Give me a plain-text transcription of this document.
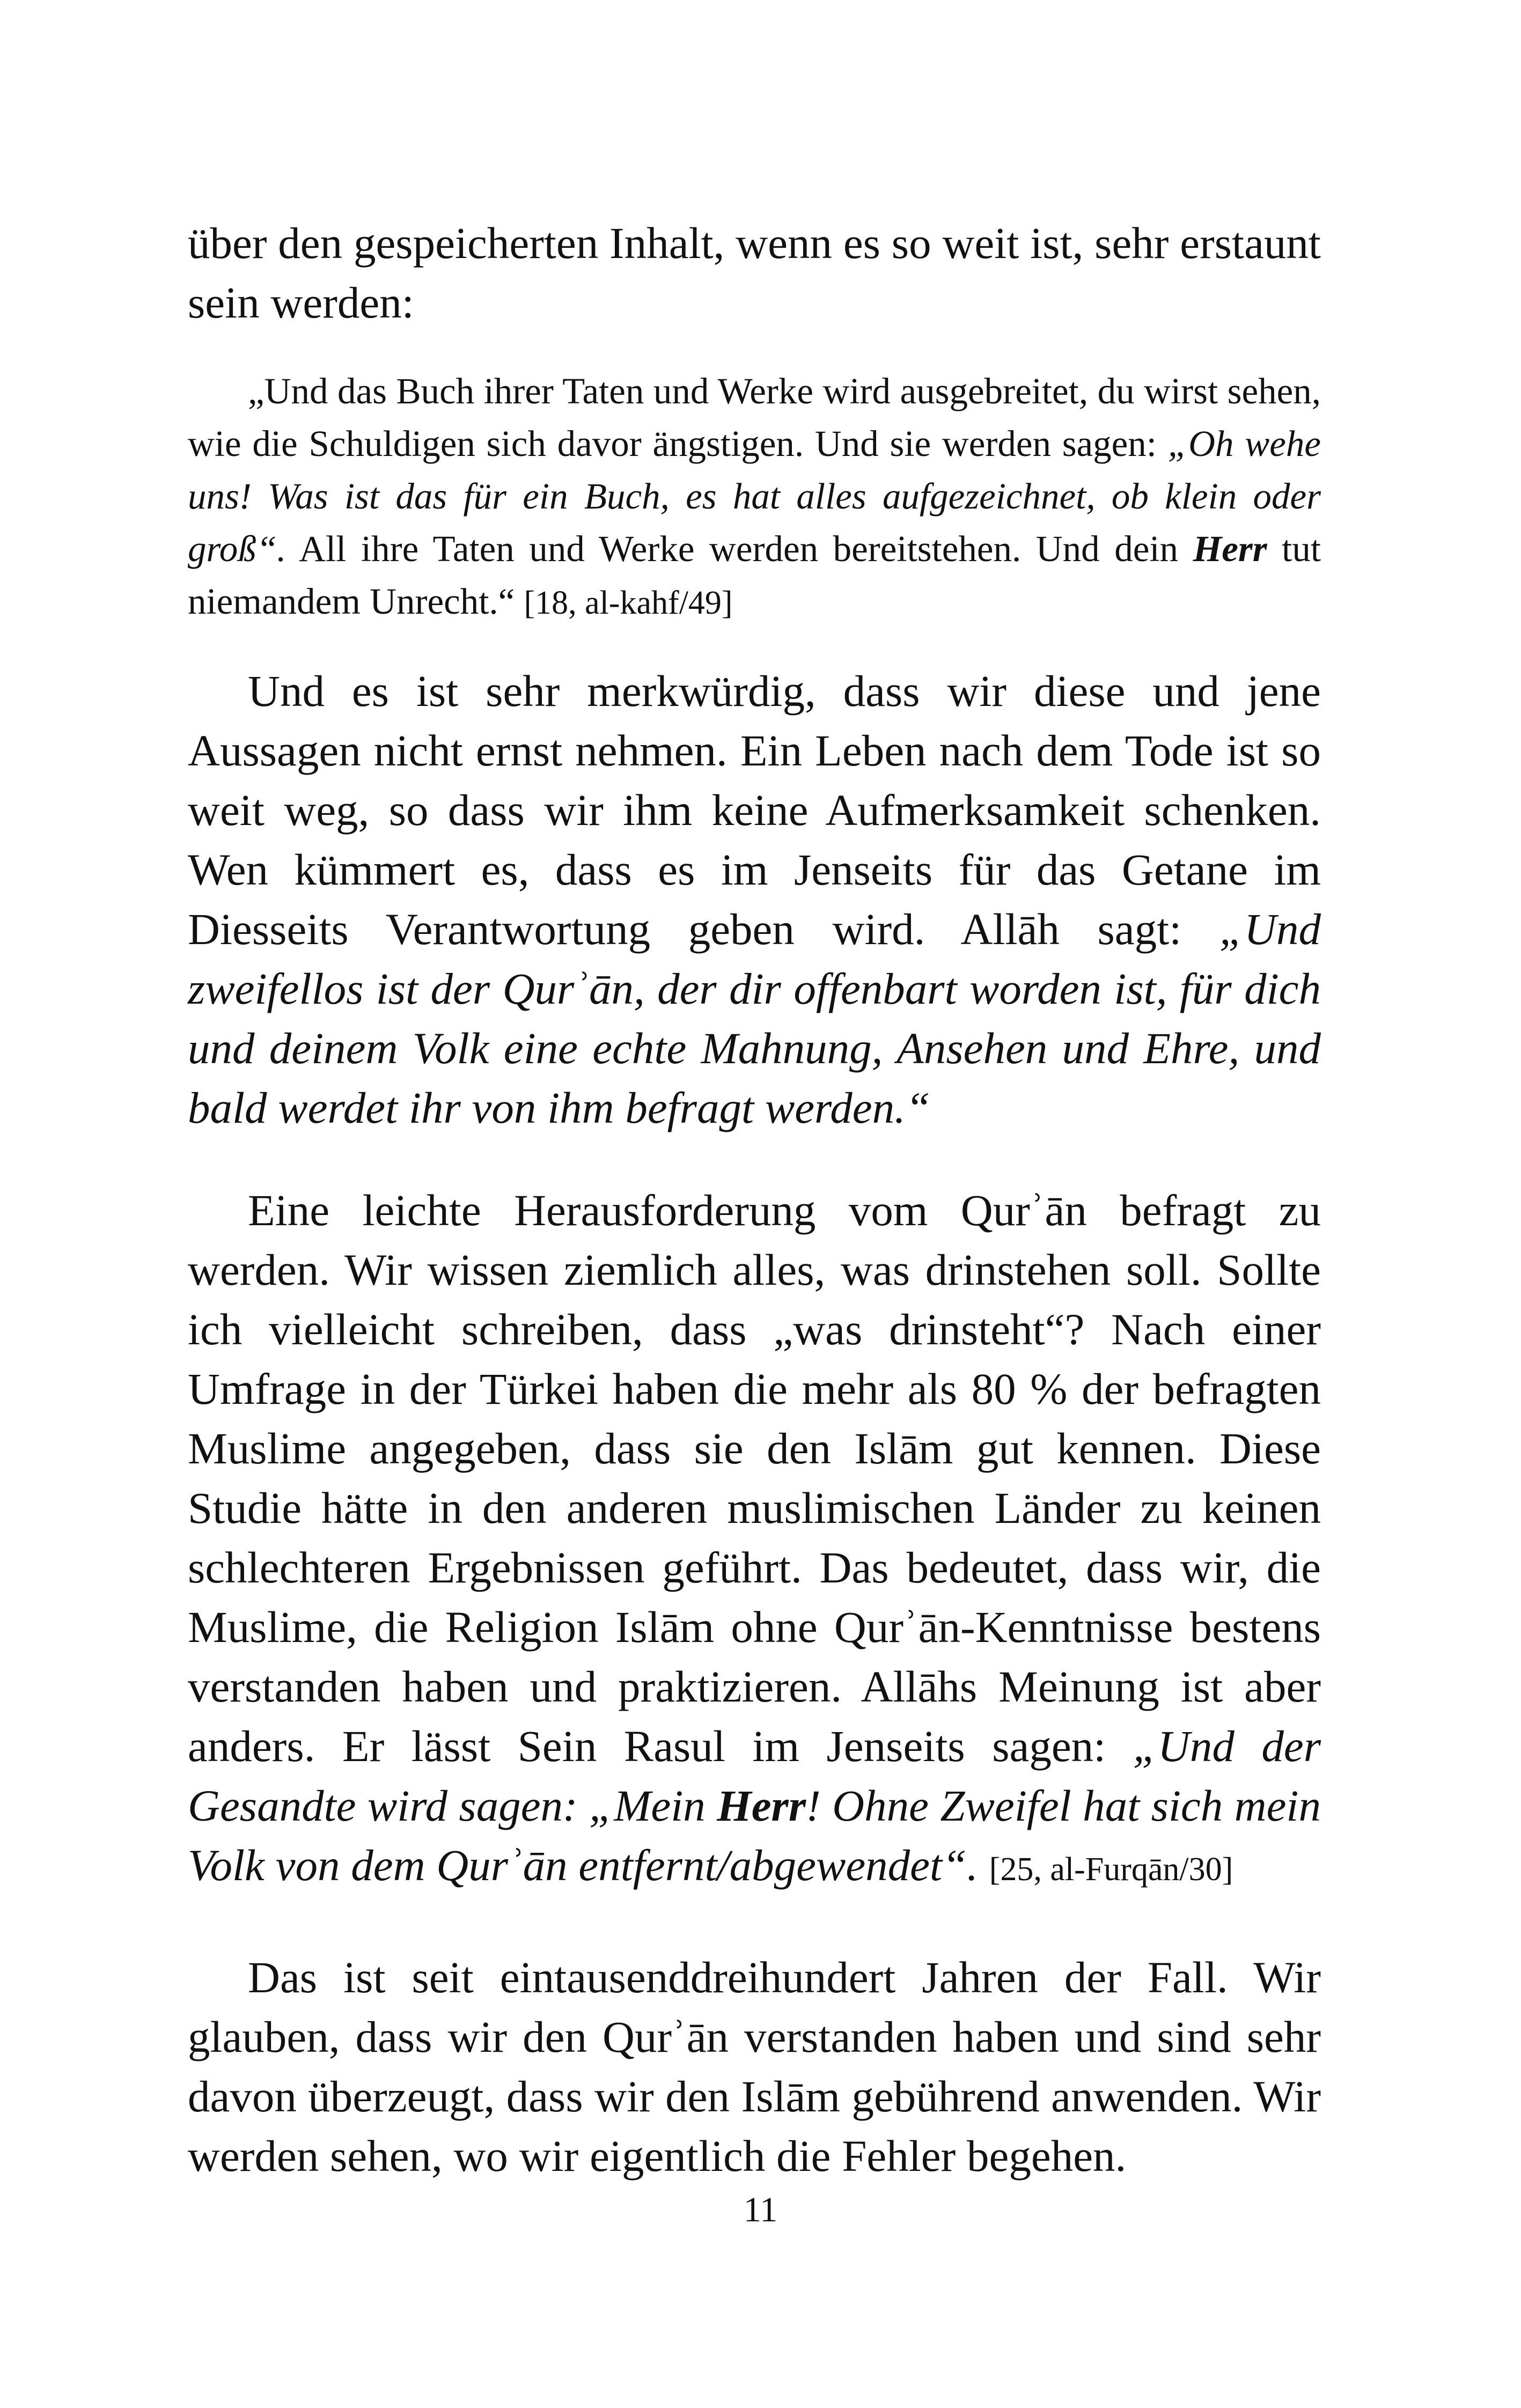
über den gespeicherten Inhalt, wenn es so weit ist, sehr erstaunt sein werden:

„Und das Buch ihrer Taten und Werke wird ausgebreitet, du wirst sehen, wie die Schuldigen sich davor ängstigen. Und sie werden sagen: „Oh wehe uns! Was ist das für ein Buch, es hat alles aufgezeichnet, ob klein oder groß“. All ihre Taten und Werke werden bereitstehen. Und dein Herr tut niemandem Unrecht.“ [18, al-kahf/49]

Und es ist sehr merkwürdig, dass wir diese und jene Aussagen nicht ernst nehmen. Ein Leben nach dem Tode ist so weit weg, so dass wir ihm keine Aufmerksamkeit schenken. Wen kümmert es, dass es im Jenseits für das Getane im Diesseits Verantwortung geben wird. Allāh sagt: „Und zweifellos ist der Qurʾān, der dir offenbart worden ist, für dich und deinem Volk eine echte Mahnung, Ansehen und Ehre, und bald werdet ihr von ihm befragt werden.“

Eine leichte Herausforderung vom Qurʾān befragt zu werden. Wir wissen ziemlich alles, was drinstehen soll. Sollte ich vielleicht schreiben, dass „was drinsteht“? Nach einer Umfrage in der Türkei haben die mehr als 80 % der befragten Muslime angegeben, dass sie den Islām gut kennen. Diese Studie hätte in den anderen muslimischen Länder zu keinen schlechteren Ergebnissen geführt. Das bedeutet, dass wir, die Muslime, die Religion Islām ohne Qurʾān-Kenntnisse bestens verstanden haben und praktizieren. Allāhs Meinung ist aber anders. Er lässt Sein Rasul im Jenseits sagen: „Und der Gesandte wird sagen: „Mein Herr! Ohne Zweifel hat sich mein Volk von dem Qurʾān entfernt/abgewendet“. [25, al-Furqān/30]

Das ist seit eintausenddreihundert Jahren der Fall. Wir glauben, dass wir den Qurʾān verstanden haben und sind sehr davon überzeugt, dass wir den Islām gebührend anwenden. Wir werden sehen, wo wir eigentlich die Fehler begehen.

11
